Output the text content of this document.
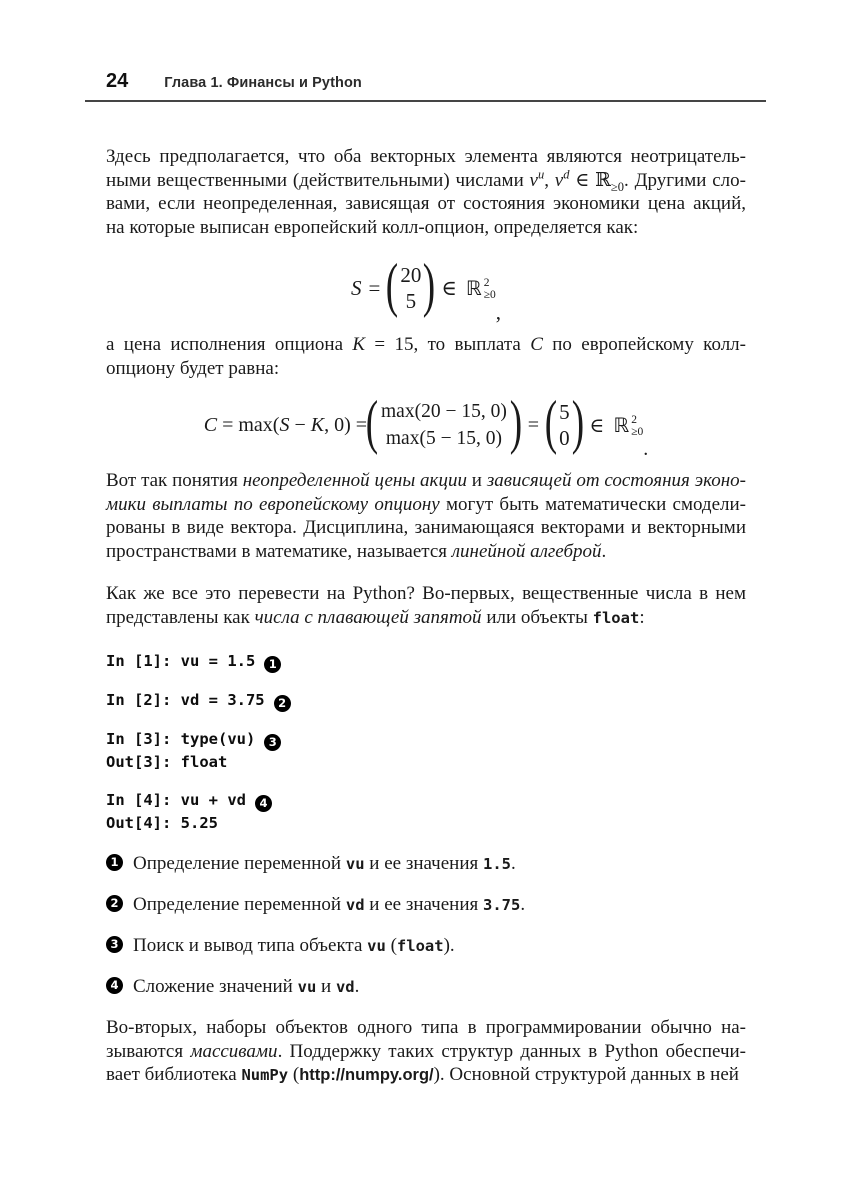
24 Глава 1. Финансы и Python

Здесь предполагается, что оба векторных элемента являются неотрицатель-
ными вещественными (действительными) числами $v^u$, $v^d$ ∈ ℝ$_{\ge 0}$. Другими сло-
вами, если неопределенная, зависящая от состояния экономики цена акций,
на которые выписан европейский колл-опцион, определяется как:

S = ( 20
5 ) ∈ ℝ 2
≥0
,

а цена исполнения опциона K = 15, то выплата C по европейскому колл-
опциону будет равна:

C = max(S − K, 0) =
( max(20 − 15, 0)
max(5 − 15, 0) ) = ( 5
0 ) ∈ ℝ 2
≥0
.

Вот так понятия неопределенной цены акции и зависящей от состояния эконо-
мики выплаты по европейскому опциону могут быть математически смодели-
рованы в виде вектора. Дисциплина, занимающаяся векторами и векторными
пространствами в математике, называется линейной алгеброй.

Как же все это перевести на Python? Во-первых, вещественные числа в нем
представлены как числа с плавающей запятой или объекты float:

In [1]: vu = 1.5 1
In [2]: vd = 3.75 2
In [3]: type(vu) 3
Out[3]: float
In [4]: vu + vd 4
Out[4]: 5.25
1 Определение переменной vu и ее значения 1.5.
2 Определение переменной vd и ее значения 3.75.
3 Поиск и вывод типа объекта vu (float).
4 Сложение значений vu и vd.

Во-вторых, наборы объектов одного типа в программировании обычно на-
зываются массивами. Поддержку таких структур данных в Python обеспечи-
вает библиотека NumPy (http://numpy.org/). Основной структурой данных в ней
